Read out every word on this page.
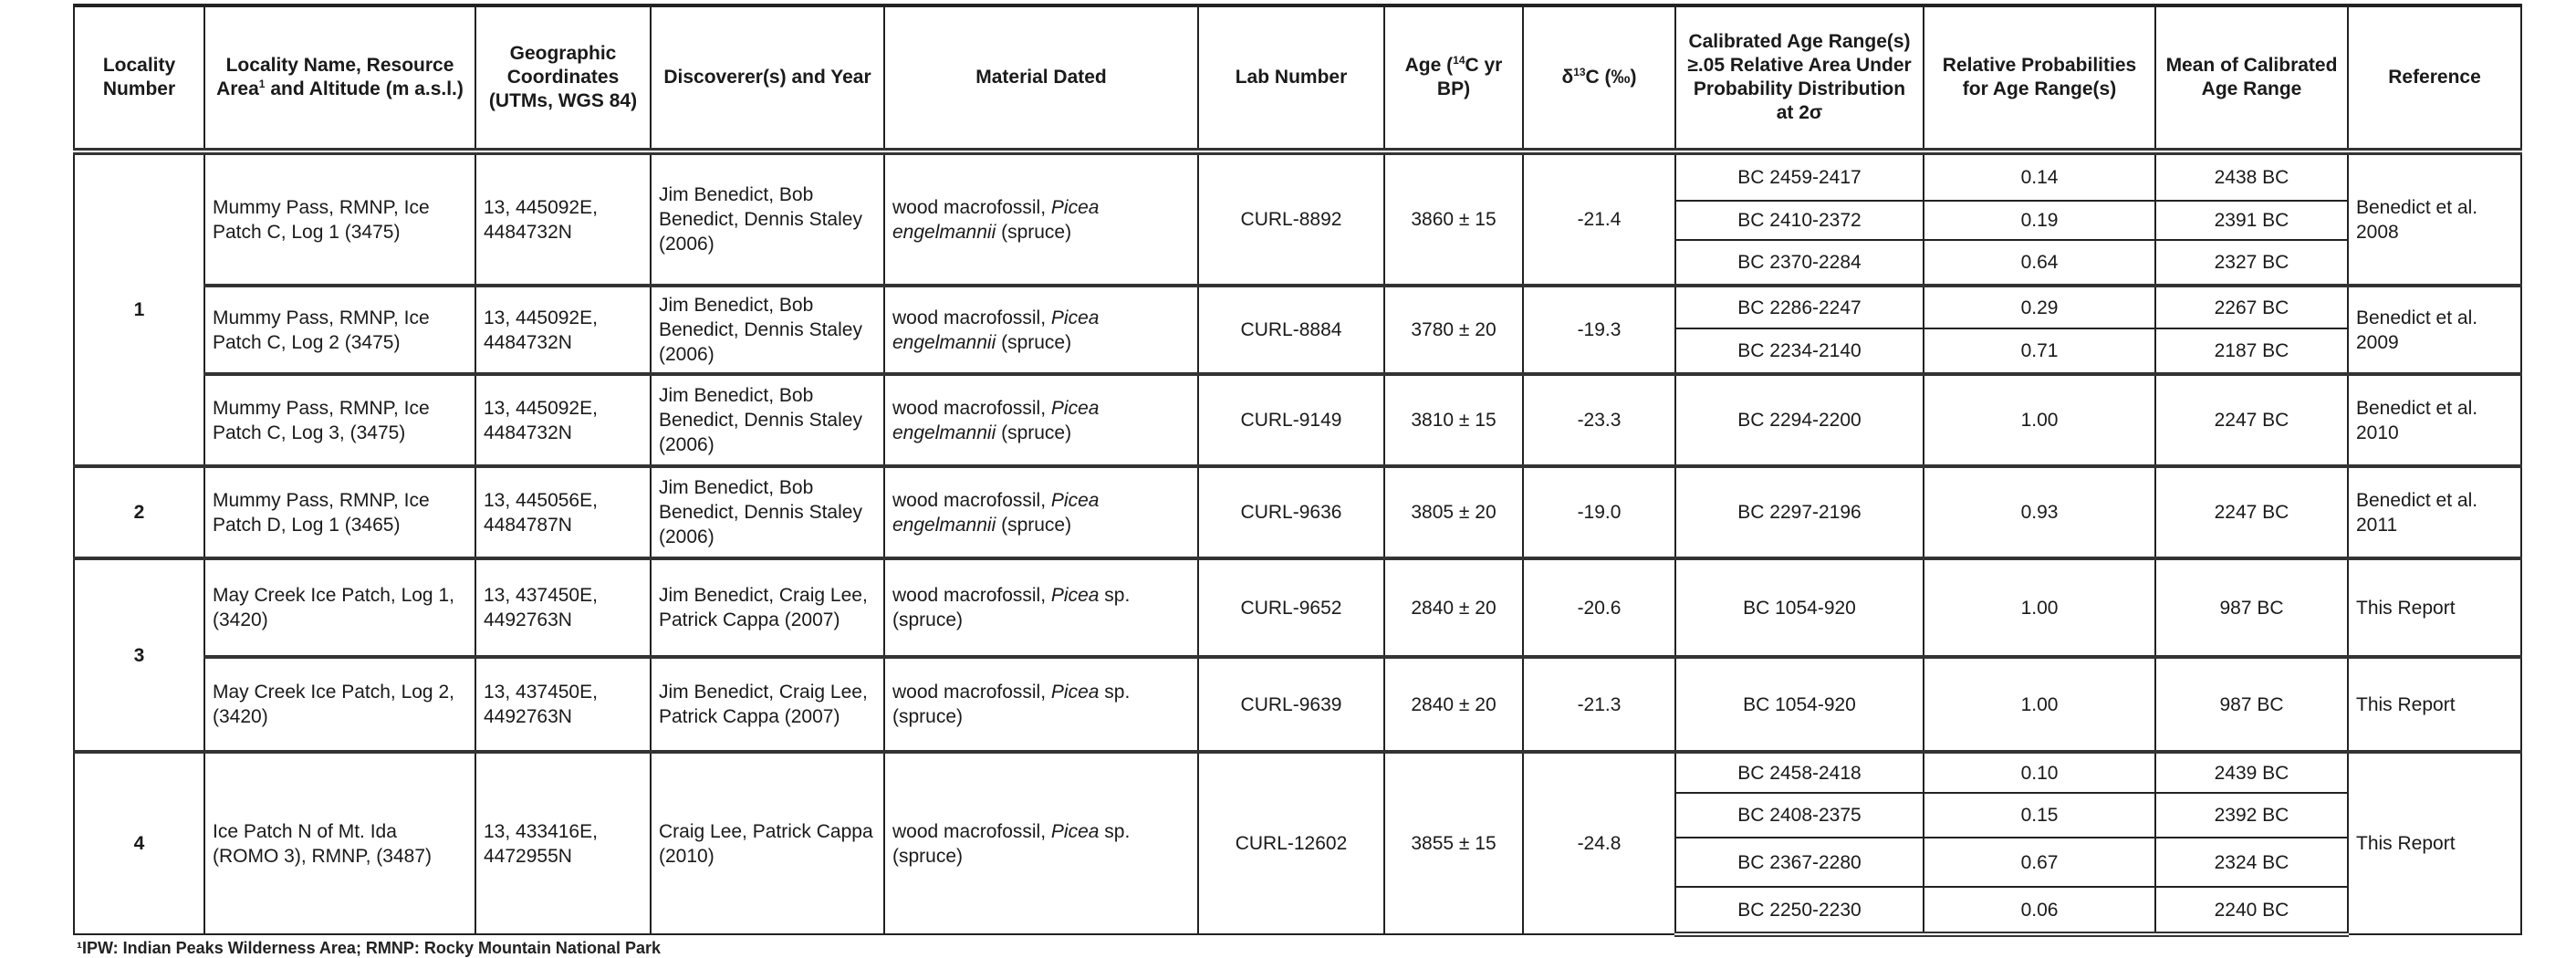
Locality Number	Locality Name, Resource Area$^1$ and Altitude (m a.s.l.)	Geographic Coordinates (UTMs, WGS 84)	Discoverer(s) and Year	Material Dated	Lab Number	Age ($^{14}$C yr BP)	$\delta^{13}C$ (‰)	Calibrated Age Range(s) ≥.05 Relative Area Under Probability Distribution at 2σ	Relative Probabilities for Age Range(s)	Mean of Calibrated Age Range	Reference
1	Mummy Pass, RMNP, Ice Patch C, Log 1 (3475)	13, 445092E, 4484732N	Jim Benedict, Bob Benedict, Dennis Staley (2006)	wood macrofossil, Picea engelmannii (spruce)	CURL-8892	3860 ± 15	-21.4	BC 2459-2417	0.14	2438 BC	Benedict et al. 2008
								BC 2410-2372	0.19	2391 BC	
								BC 2370-2284	0.64	2327 BC	
	Mummy Pass, RMNP, Ice Patch C, Log 2 (3475)	13, 445092E, 4484732N	Jim Benedict, Bob Benedict, Dennis Staley (2006)	wood macrofossil, Picea engelmannii (spruce)	CURL-8884	3780 ± 20	-19.3	BC 2286-2247	0.29	2267 BC	Benedict et al. 2009
								BC 2234-2140	0.71	2187 BC	
	Mummy Pass, RMNP, Ice Patch C, Log 3, (3475)	13, 445092E, 4484732N	Jim Benedict, Bob Benedict, Dennis Staley (2006)	wood macrofossil, Picea engelmannii (spruce)	CURL-9149	3810 ± 15	-23.3	BC 2294-2200	1.00	2247 BC	Benedict et al. 2010
2	Mummy Pass, RMNP, Ice Patch D, Log 1 (3465)	13, 445056E, 4484787N	Jim Benedict, Bob Benedict, Dennis Staley (2006)	wood macrofossil, Picea engelmannii (spruce)	CURL-9636	3805 ± 20	-19.0	BC 2297-2196	0.93	2247 BC	Benedict et al. 2011
3	May Creek Ice Patch, Log 1, (3420)	13, 437450E, 4492763N	Jim Benedict, Craig Lee, Patrick Cappa (2007)	wood macrofossil, Picea sp. (spruce)	CURL-9652	2840 ± 20	-20.6	BC 1054-920	1.00	987 BC	This Report
	May Creek Ice Patch, Log 2, (3420)	13, 437450E, 4492763N	Jim Benedict, Craig Lee, Patrick Cappa (2007)	wood macrofossil, Picea sp. (spruce)	CURL-9639	2840 ± 20	-21.3	BC 1054-920	1.00	987 BC	This Report
4	Ice Patch N of Mt. Ida (ROMO 3), RMNP, (3487)	13, 433416E, 4472955N	Craig Lee, Patrick Cappa (2010)	wood macrofossil, Picea sp. (spruce)	CURL-12602	3855 ± 15	-24.8	BC 2458-2418	0.10	2439 BC	This Report
								BC 2408-2375	0.15	2392 BC	
								BC 2367-2280	0.67	2324 BC	
								BC 2250-2230	0.06	2240 BC	
¹IPW: Indian Peaks Wilderness Area; RMNP: Rocky Mountain National Park
